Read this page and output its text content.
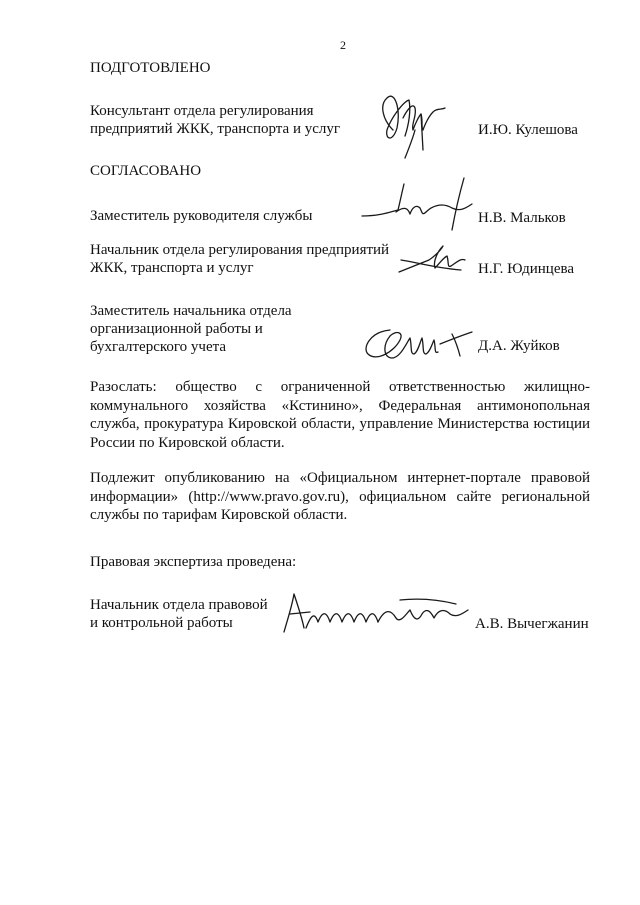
2
ПОДГОТОВЛЕНО
Консультант отдела регулирования
предприятий ЖКК, транспорта и услуг	И.Ю. Кулешова
СОГЛАСОВАНО
Заместитель руководителя службы	Н.В. Мальков
Начальник отдела регулирования предприятий
ЖКК, транспорта и услуг	Н.Г. Юдинцева
Заместитель начальника отдела
организационной работы и
бухгалтерского учета	Д.А. Жуйков
Разослать: общество с ограниченной ответственностью жилищно-
коммунального хозяйства «Кстинино», Федеральная антимонопольная
служба, прокуратура Кировской области, управление Министерства юстиции
России по Кировской области.
Подлежит опубликованию на «Официальном интернет-портале правовой
информации» (http://www.pravo.gov.ru), официальном сайте региональной
службы по тарифам Кировской области.
Правовая экспертиза проведена:
Начальник отдела правовой
и контрольной работы	А.В. Вычегжанин
